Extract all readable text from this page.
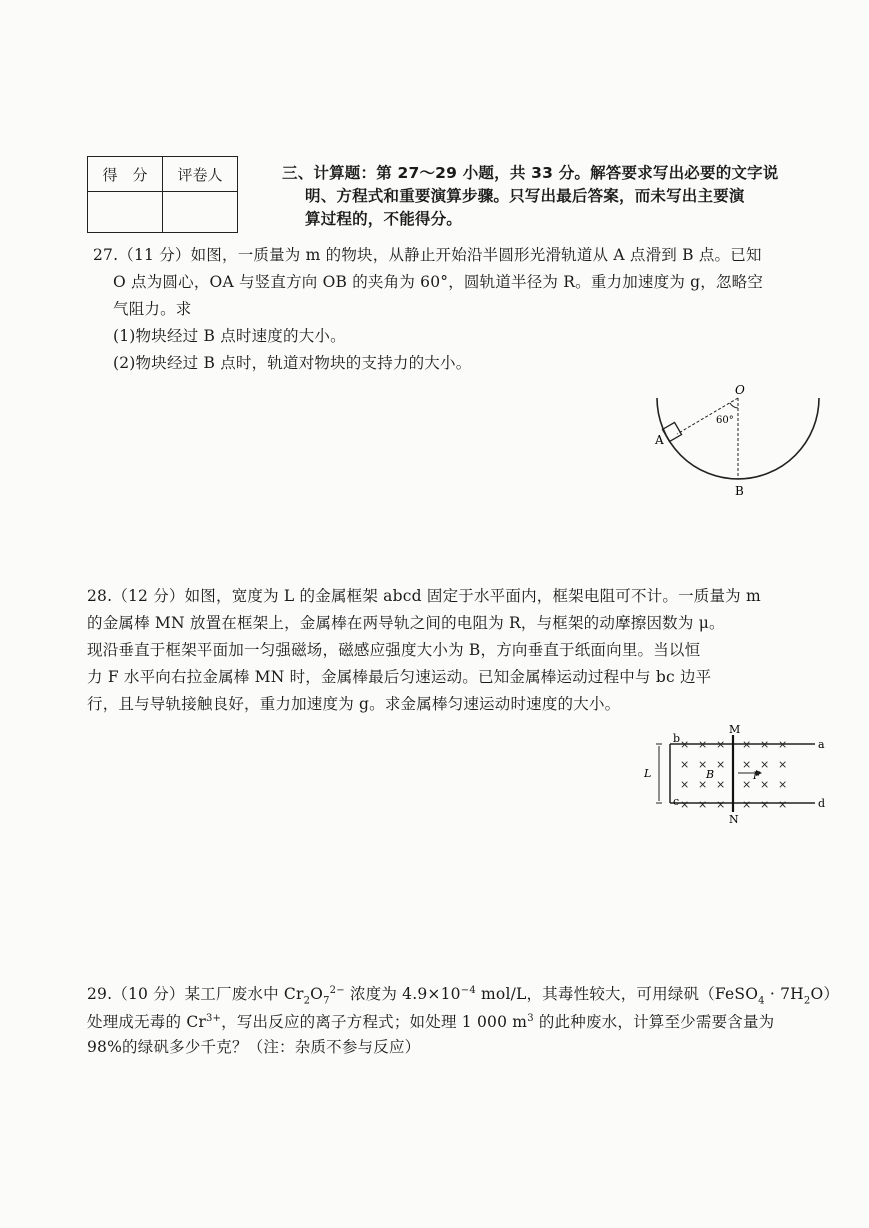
得　分	评卷人
		三、计算题：第 27～29 小题，共 33 分。解答要求写出必要的文字说
明、方程式和重要演算步骤。只写出最后答案，而未写出主要演
算过程的，不能得分。
27.（11 分）如图，一质量为 m 的物块，从静止开始沿半圆形光滑轨道从 A 点滑到 B 点。已知
O 点为圆心，OA 与竖直方向 OB 的夹角为 60°，圆轨道半径为 R。重力加速度为 g，忽略空
气阻力。求
(1)物块经过 B 点时速度的大小。
(2)物块经过 B 点时，轨道对物块的支持力的大小。
O
A
B
60°
28.（12 分）如图，宽度为 L 的金属框架 abcd 固定于水平面内，框架电阻可不计。一质量为 m
的金属棒 MN 放置在框架上，金属棒在两导轨之间的电阻为 R，与框架的动摩擦因数为 μ。
现沿垂直于框架平面加一匀强磁场，磁感应强度大小为 B，方向垂直于纸面向里。当以恒
力 F 水平向右拉金属棒 MN 时，金属棒最后匀速运动。已知金属棒运动过程中与 bc 边平
行，且与导轨接触良好，重力加速度为 g。求金属棒匀速运动时速度的大小。
× × × × × ×
× × × × × ×
× × × × × ×
× × × × × ×
M
N
a
b
c	d
L	B	F
29.（10 分）某工厂废水中 $Cr_2O_7^{2-}$ 浓度为 $4.9\times 10^{-4}$ mol/L，其毒性较大，可用绿矾（FeSO$_4$ · $7H_2O$）
处理成无毒的 $Cr^{3+}$，写出反应的离子方程式；如处理 1 000 $m^3$ 的此种废水，计算至少需要含量为
98%的绿矾多少千克？（注：杂质不参与反应）
